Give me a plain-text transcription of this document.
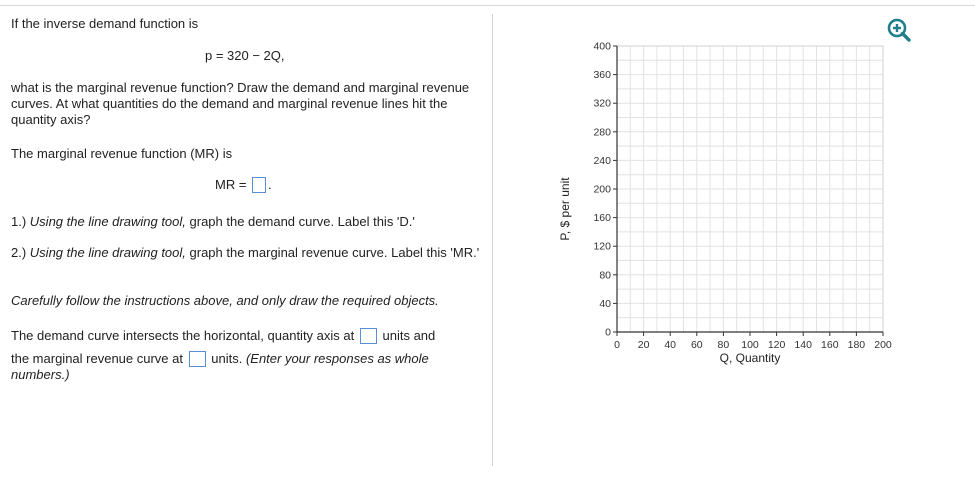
If the inverse demand function is
p = 320 − 2Q,
what is the marginal revenue function? Draw the demand and marginal revenue curves. At what quantities do the demand and marginal revenue lines hit the quantity axis?
The marginal revenue function (MR) is
MR = .
1.) Using the line drawing tool, graph the demand curve. Label this 'D.'
2.) Using the line drawing tool, graph the marginal revenue curve. Label this 'MR.'
Carefully follow the instructions above, and only draw the required objects.
The demand curve intersects the horizontal, quantity axis at units and
the marginal revenue curve at units. (Enter your responses as whole numbers.)
0
40
80
120
160
200
240
280
320
360
400
0 20 40 60 80 100 120 140 160 180 200
Q, Quantity
P, $ per unit
